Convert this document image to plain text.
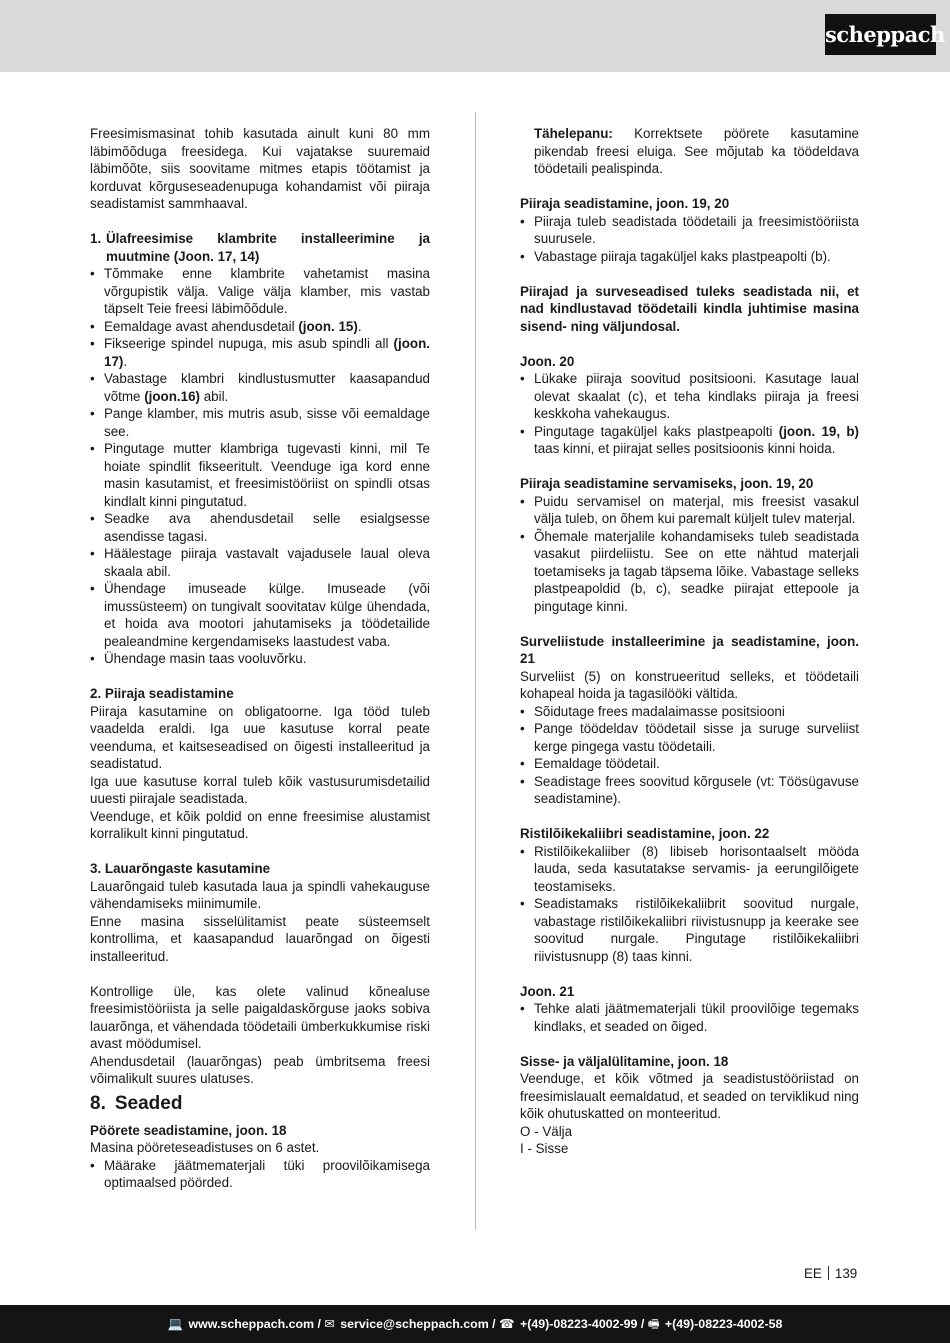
scheppach

Freesimismasinat tohib kasutada ainult kuni 80 mm läbimõõduga freesidega. Kui vajatakse suuremaid läbimõõte, siis soovitame mitmes etapis töötamist ja korduvat kõrguseseadenupuga kohandamist või piiraja seadistamist sammhaaval.

1. Ülafreesimise klambrite installeerimine ja muutmine (Joon. 17, 14)
• Tõmmake enne klambrite vahetamist masina võrgupistik välja. Valige välja klamber, mis vastab täpselt Teie freesi läbimõõdule.
• Eemaldage avast ahendusdetail (joon. 15).
• Fikseerige spindel nupuga, mis asub spindli all (joon. 17).
• Vabastage klambri kindlustusmutter kaasapandud võtme (joon.16) abil.
• Pange klamber, mis mutris asub, sisse või eemaldage see.
• Pingutage mutter klambriga tugevasti kinni, mil Te hoiate spindlit fikseeritult. Veenduge iga kord enne masin kasutamist, et freesimistööriist on spindli otsas kindlalt kinni pingutatud.
• Seadke ava ahendusdetail selle esialgsesse asendisse tagasi.
• Häälestage piiraja vastavalt vajadusele laual oleva skaala abil.
• Ühendage imuseade külge. Imuseade (või imussüsteem) on tungivalt soovitatav külge ühendada, et hoida ava mootori jahutamiseks ja töödetailide pealeandmine kergendamiseks laastudest vaba.
• Ühendage masin taas vooluvõrku.

2. Piiraja seadistamine

Piiraja kasutamine on obligatoorne. Iga tööd tuleb vaadelda eraldi. Iga uue kasutuse korral peate veenduma, et kaitseseadised on õigesti installeeritud ja seadistatud.

Iga uue kasutuse korral tuleb kõik vastusurumisdetailid uuesti piirajale seadistada.

Veenduge, et kõik poldid on enne freesimise alustamist korralikult kinni pingutatud.

3. Lauarõngaste kasutamine

Lauarõngaid tuleb kasutada laua ja spindli vahekauguse vähendamiseks miinimumile.

Enne masina sisselülitamist peate süsteemselt kontrollima, et kaasapandud lauarõngad on õigesti installeeritud.

Kontrollige üle, kas olete valinud kõnealuse freesimistööriista ja selle paigaldaskõrguse jaoks sobiva lauarõnga, et vähendada töödetaili ümberkukkumise riski avast möödumisel.

Ahendusdetail (lauarõngas) peab ümbritsema freesi võimalikult suures ulatuses.

8. Seaded

Pöörete seadistamine, joon. 18

Masina pööreteseadistuses on 6 astet.

• Määrake jäätmematerjali tüki proovilõikamisega optimaalsed pöörded.

Tähelepanu: Korrektsete pöörete kasutamine pikendab freesi eluiga. See mõjutab ka töödeldava töödetaili pealispinda.

Piiraja seadistamine, joon. 19, 20

• Piiraja tuleb seadistada töödetaili ja freesimistööriista suurusele.
• Vabastage piiraja tagaküljel kaks plastpeapolti (b).

Piirajad ja surveseadised tuleks seadistada nii, et nad kindlustavad töödetaili kindla juhtimise masina sisend- ning väljundosal.

Joon. 20

• Lükake piiraja soovitud positsiooni. Kasutage laual olevat skaalat (c), et teha kindlaks piiraja ja freesi keskkoha vahekaugus.
• Pingutage tagaküljel kaks plastpeapolti (joon. 19, b) taas kinni, et piirajat selles positsioonis kinni hoida.

Piiraja seadistamine servamiseks, joon. 19, 20

• Puidu servamisel on materjal, mis freesist vasakul välja tuleb, on õhem kui paremalt küljelt tulev materjal.
• Õhemale materjalile kohandamiseks tuleb seadistada vasakut piirdeliistu. See on ette nähtud materjali toetamiseks ja tagab täpsema lõike. Vabastage selleks plastpeapoldid (b, c), seadke piirajat ettepoole ja pingutage kinni.

Surveliistude installeerimine ja seadistamine, joon. 21

Surveliist (5) on konstrueeritud selleks, et töödetaili kohapeal hoida ja tagasilööki vältida.

• Sõidutage frees madalaimasse positsiooni
• Pange töödeldav töödetail sisse ja suruge surveliist kerge pingega vastu töödetaili.
• Eemaldage töödetail.
• Seadistage frees soovitud kõrgusele (vt: Töösügavuse seadistamine).

Ristilõikekaliibri seadistamine, joon. 22

• Ristilõikekaliiber (8) libiseb horisontaalselt mööda lauda, seda kasutatakse servamis- ja eerungilõigete teostamiseks.
• Seadistamaks ristilõikekaliibrit soovitud nurgale, vabastage ristilõikekaliibri riivistusnupp ja keerake see soovitud nurgale. Pingutage ristilõikekaliibri riivistusnupp (8) taas kinni.

Joon. 21

• Tehke alati jäätmematerjali tükil proovilõige tegemaks kindlaks, et seaded on õiged.

Sisse- ja väljalülitamine, joon. 18

Veenduge, et kõik võtmed ja seadistustööriistad on freesimislaualt eemaldatud, et seaded on terviklikud ning kõik ohutuskatted on monteeritud.

O - Välja

I - Sisse

EE 139
💻 www.scheppach.com / ✉ service@scheppach.com / ☎ +(49)-08223-4002-99 / 🖷 +(49)-08223-4002-58
